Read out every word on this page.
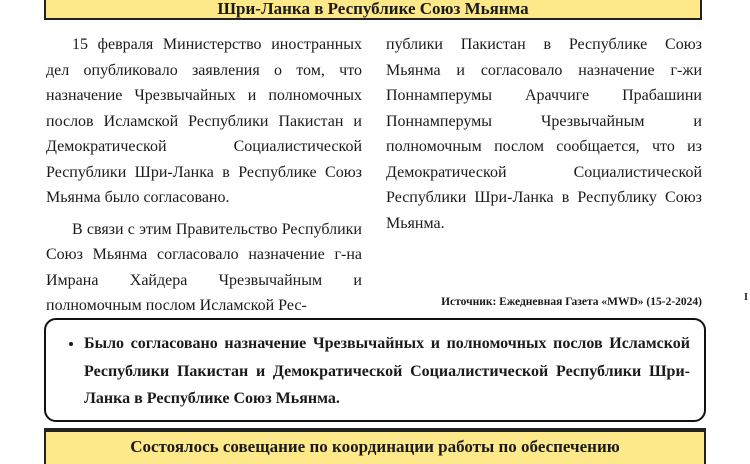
Шри-Ланка в Республике Союз Мьянма

15 февраля Министерство иностранных дел опубликовало заявления о том, что назначение Чрезвычайных и полномочных послов Исламской Республики Пакистан и Демократической Социалистической Республики Шри-Ланка в Республике Союз Мьянма было согласовано.

В связи с этим Правительство Республики Союз Мьянма согласовало назначение г-на Имрана Хайдера Чрезвычайным и полномочным послом Исламской Рес-

публики Пакистан в Республике Союз Мьянма и согласовало назначение г-жи Поннамперумы Араччиге Прабашини Поннамперумы Чрезвычайным и полномочным послом сообщается, что из Демократической Социалистической Республики Шри-Ланка в Республику Союз Мьянма.

Источник: Ежедневная Газета «MWD» (15-2-2024)	I
• Было согласовано назначение Чрезвычайных и полномочных послов Исламской Республики Пакистан и Демократической Социалистической Республики Шри-Ланка в Республике Союз Мьянма.
Состоялось совещание по координации работы по обеспечению
